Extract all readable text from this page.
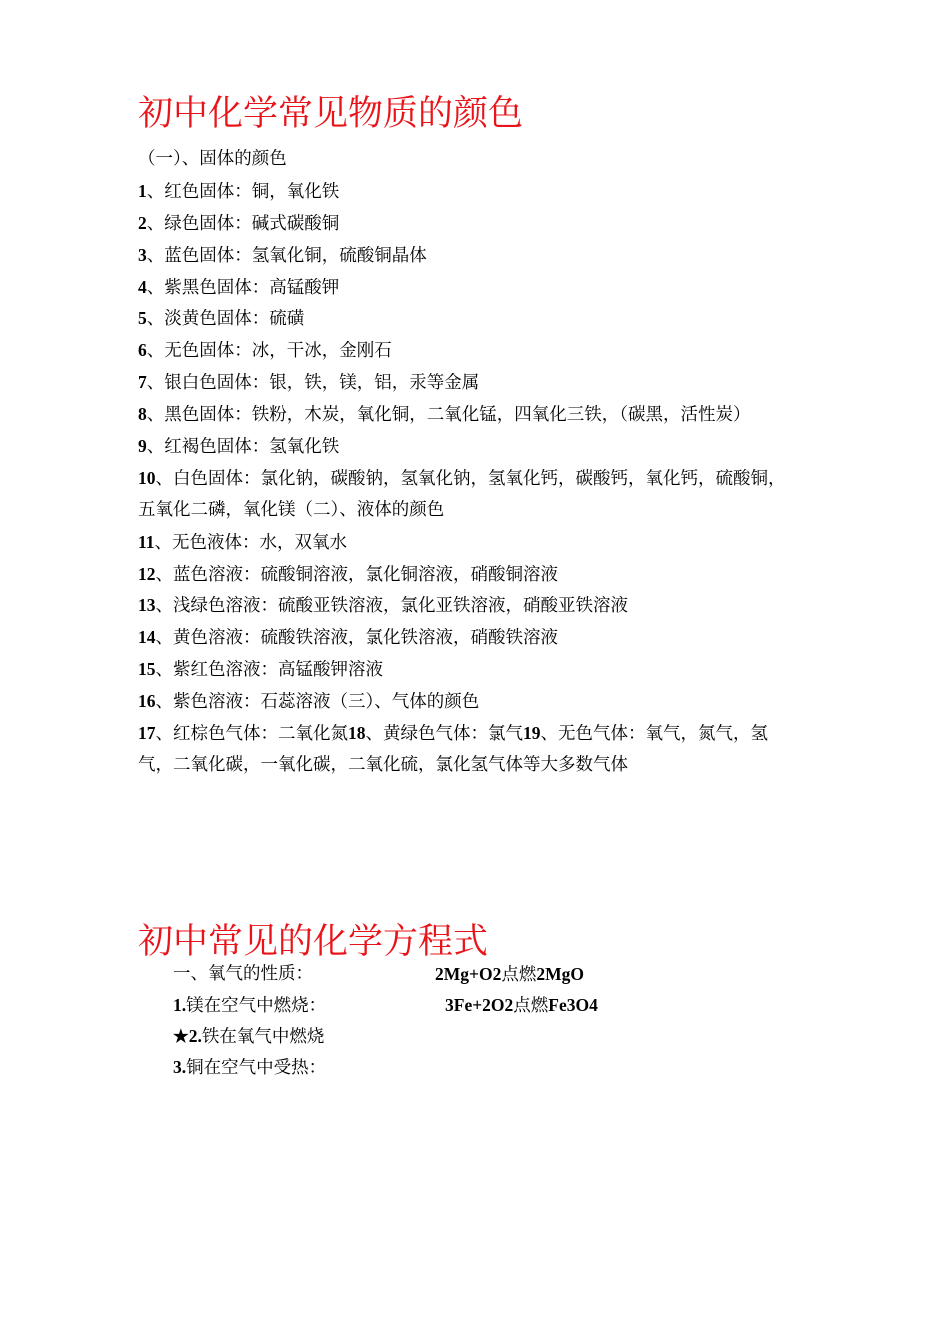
初中化学常见物质的颜色
（一）、固体的颜色
1、红色固体：铜，氧化铁
2、绿色固体：碱式碳酸铜
3、蓝色固体：氢氧化铜，硫酸铜晶体
4、紫黑色固体：高锰酸钾
5、淡黄色固体：硫磺
6、无色固体：冰，干冰，金刚石
7、银白色固体：银，铁，镁，铝，汞等金属
8、黑色固体：铁粉，木炭，氧化铜，二氧化锰，四氧化三铁，（碳黑，活性炭）
9、红褐色固体：氢氧化铁
10、白色固体：氯化钠，碳酸钠，氢氧化钠，氢氧化钙，碳酸钙，氧化钙，硫酸铜，
五氧化二磷，氧化镁（二）、液体的颜色
11、无色液体：水，双氧水
12、蓝色溶液：硫酸铜溶液，氯化铜溶液，硝酸铜溶液
13、浅绿色溶液：硫酸亚铁溶液，氯化亚铁溶液，硝酸亚铁溶液
14、黄色溶液：硫酸铁溶液，氯化铁溶液，硝酸铁溶液
15、紫红色溶液：高锰酸钾溶液
16、紫色溶液：石蕊溶液（三）、气体的颜色
17、红棕色气体：二氧化氮18、黄绿色气体：氯气19、无色气体：氧气，氮气，氢
气，二氧化碳，一氧化碳，二氧化硫，氯化氢气体等大多数气体
初中常见的化学方程式
一、氧气的性质：	2Mg+O2点燃2MgO
1.镁在空气中燃烧：	3Fe+2O2点燃Fe3O4
★2.铁在氧气中燃烧
3.铜在空气中受热：
